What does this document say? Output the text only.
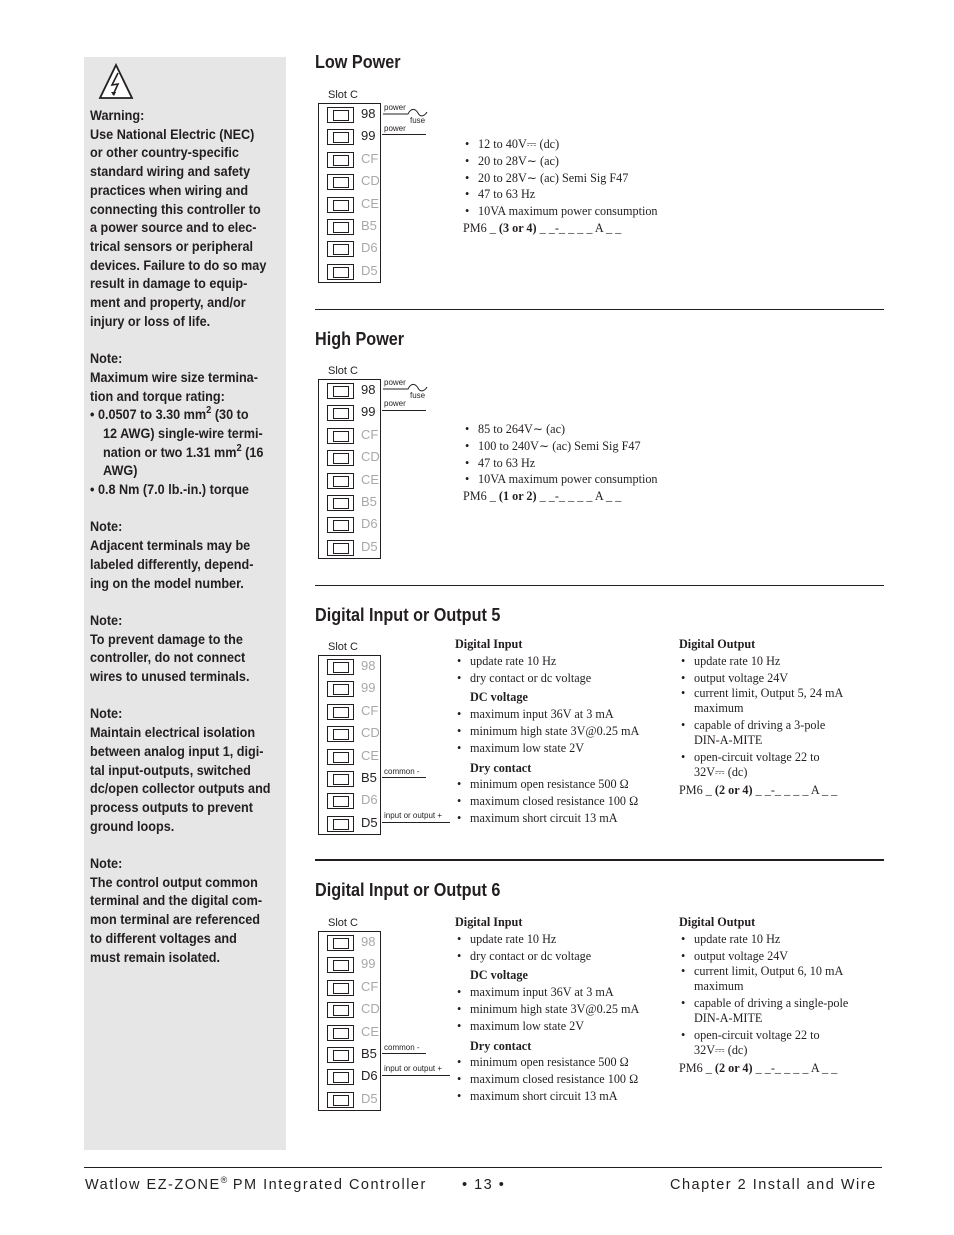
Warning:
Use National Electric (NEC)
or other country-specific
standard wiring and safety
practices when wiring and
connecting this controller to
a power source and to elec-
trical sensors or peripheral
devices. Failure to do so may
result in damage to equip-
ment and property, and/or
injury or loss of life.
Note:
Maximum wire size termina-
tion and torque rating:
• 0.0507 to 3.30 $mm^2$ (30 to
12 AWG) single-wire termi-
nation or two 1.31 $mm^2$ (16
AWG)
• 0.8 Nm (7.0 lb.-in.) torque
Note:
Adjacent terminals may be
labeled differently, depend-
ing on the model number.
Note:
To prevent damage to the
controller, do not connect
wires to unused terminals.
Note:
Maintain electrical isolation
between analog input 1, digi-
tal input-outputs, switched
dc/open collector outputs and
process outputs to prevent
ground loops.
Note:
The control output common
terminal and the digital com-
mon terminal are referenced
to different voltages and
must remain isolated.
Low Power
Slot C
98
99
CF
CD
CE
B5
D6
D5
power
fuse
power
• 12 to 40V⎓ (dc)
• 20 to 28V∼ (ac)
• 20 to 28V∼ (ac) Semi Sig F47
• 47 to 63 Hz
• 10VA maximum power consumption
PM6 _ (3 or 4) _ _-_ _ _ _ A _ _
High Power
Slot C
98
99
CF
CD
CE
B5
D6
D5
power
fuse
power
• 85 to 264V∼ (ac)
• 100 to 240V∼ (ac) Semi Sig F47
• 47 to 63 Hz
• 10VA maximum power consumption
PM6 _ (1 or 2) _ _-_ _ _ _ A _ _
Digital Input or Output 5
Slot C
98
99
CF
CD
CE
B5
D6
D5
common -
input or output +
Digital Input
• update rate 10 Hz
• dry contact or dc voltage
DC voltage
• maximum input 36V at 3 mA
• minimum high state 3V@0.25 mA
• maximum low state 2V
Dry contact
• minimum open resistance 500 Ω
• maximum closed resistance 100 Ω
• maximum short circuit 13 mA
Digital Output
• update rate 10 Hz
• output voltage 24V
• current limit, Output 5, 24 mA
maximum
• capable of driving a 3-pole
DIN-A-MITE
• open-circuit voltage 22 to
32V⎓ (dc)
PM6 _ (2 or 4) _ _-_ _ _ _ A _ _
Digital Input or Output 6
Slot C
98
99
CF
CD
CE
B5
D6
D5
common -
input or output +
Digital Input
• update rate 10 Hz
• dry contact or dc voltage
DC voltage
• maximum input 36V at 3 mA
• minimum high state 3V@0.25 mA
• maximum low state 2V
Dry contact
• minimum open resistance 500 Ω
• maximum closed resistance 100 Ω
• maximum short circuit 13 mA
Digital Output
• update rate 10 Hz
• output voltage 24V
• current limit, Output 6, 10 mA
maximum
• capable of driving a single-pole
DIN-A-MITE
• open-circuit voltage 22 to
32V⎓ (dc)
PM6 _ (2 or 4) _ _-_ _ _ _ A _ _
Watlow EZ-ZONE® PM Integrated Controller • 13 •	Chapter 2 Install and Wire
